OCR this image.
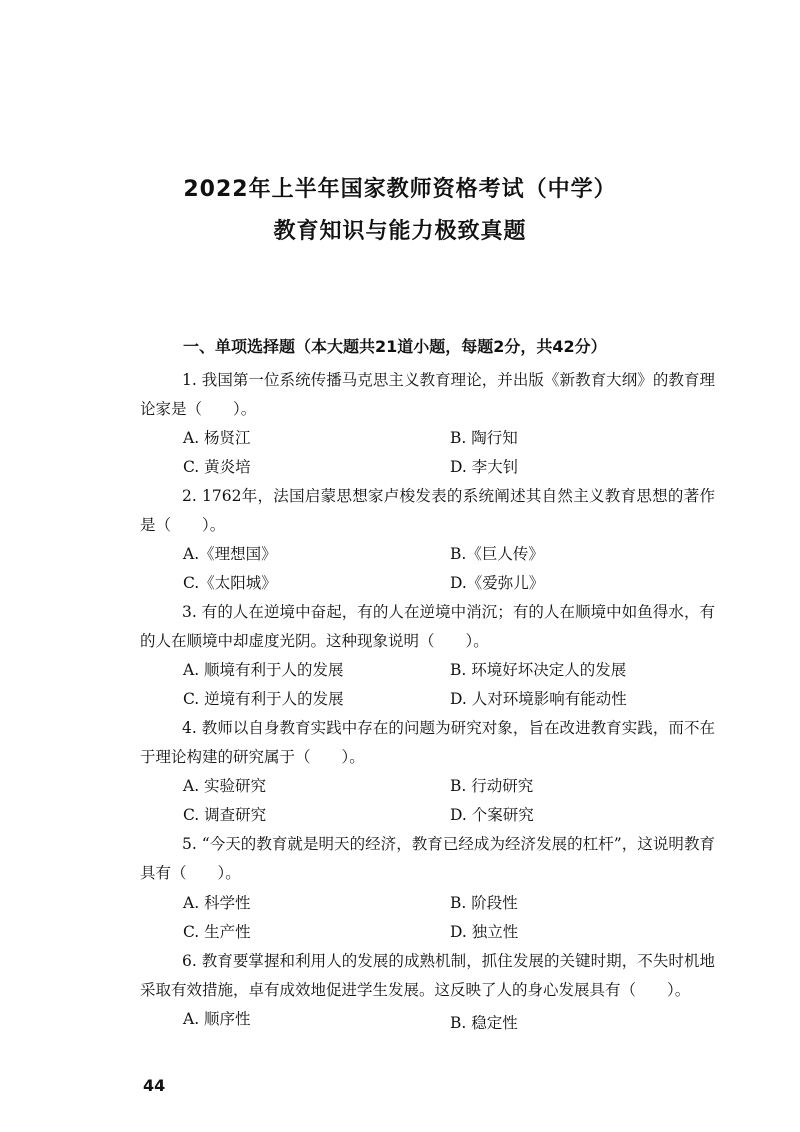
2022年上半年国家教师资格考试（中学）
教育知识与能力极致真题
一、单项选择题（本大题共21道小题，每题2分，共42分）
1. 我国第一位系统传播马克思主义教育理论，并出版《新教育大纲》的教育理论家是（　　）。
A. 杨贤江	B. 陶行知
C. 黄炎培	D. 李大钊
2. 1762年，法国启蒙思想家卢梭发表的系统阐述其自然主义教育思想的著作是（　　）。
A.《理想国》	B.《巨人传》
C.《太阳城》	D.《爱弥儿》
3. 有的人在逆境中奋起，有的人在逆境中消沉；有的人在顺境中如鱼得水，有的人在顺境中却虚度光阴。这种现象说明（　　）。
A. 顺境有利于人的发展	B. 环境好坏决定人的发展
C. 逆境有利于人的发展	D. 人对环境影响有能动性
4. 教师以自身教育实践中存在的问题为研究对象，旨在改进教育实践，而不在于理论构建的研究属于（　　）。
A. 实验研究	B. 行动研究
C. 调查研究	D. 个案研究
5. “今天的教育就是明天的经济，教育已经成为经济发展的杠杆”，这说明教育具有（　　）。
A. 科学性	B. 阶段性
C. 生产性	D. 独立性
6. 教育要掌握和利用人的发展的成熟机制，抓住发展的关键时期，不失时机地采取有效措施，卓有成效地促进学生发展。这反映了人的身心发展具有（　　）。
A. 顺序性	B. 稳定性
44
